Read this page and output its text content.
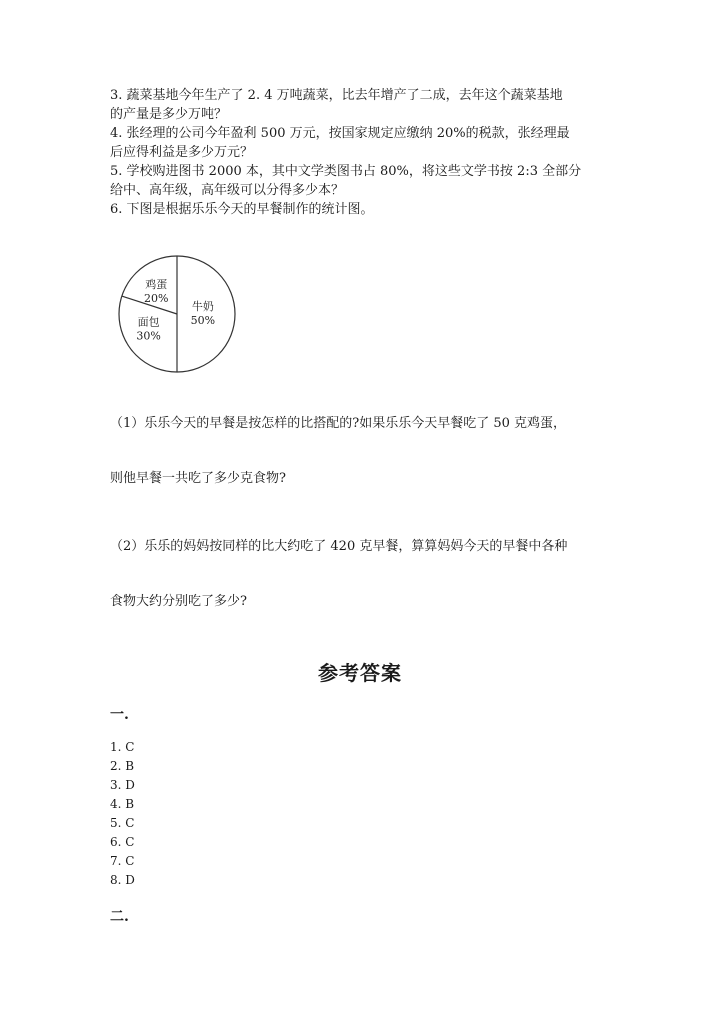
3. 蔬菜基地今年生产了 2. 4 万吨蔬菜，比去年增产了二成，去年这个蔬菜基地

的产量是多少万吨？

4. 张经理的公司今年盈利 500 万元，按国家规定应缴纳 20%的税款，张经理最

后应得利益是多少万元？

5. 学校购进图书 2000 本，其中文学类图书占 80%，将这些文学书按 2:3 全部分

给中、高年级，高年级可以分得多少本？

6. 下图是根据乐乐今天的早餐制作的统计图。

牛奶
50%
面包
30%
鸡蛋
20%
（1）乐乐今天的早餐是按怎样的比搭配的?如果乐乐今天早餐吃了 50 克鸡蛋，
则他早餐一共吃了多少克食物?
（2）乐乐的妈妈按同样的比大约吃了 420 克早餐，算算妈妈今天的早餐中各种
食物大约分别吃了多少?
参考答案
一.
1. C
2. B
3. D
4. B
5. C
6. C
7. C
8. D
二.
